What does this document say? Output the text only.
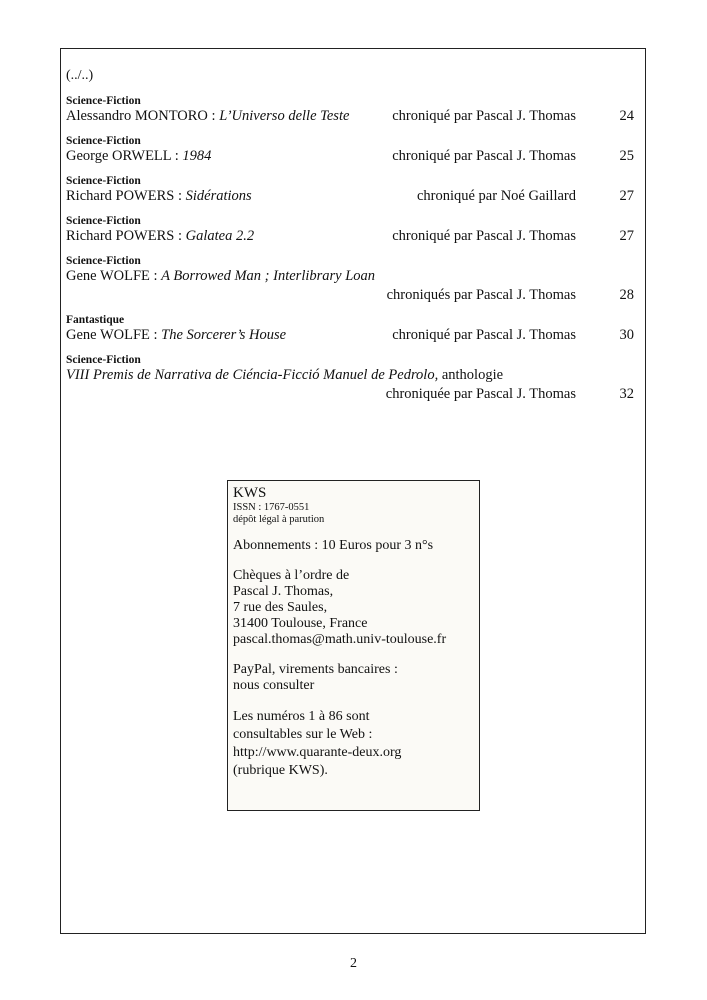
(../..)
Science-Fiction
Alessandro MONTORO : L’Universo delle Teste	chroniqué par Pascal J. Thomas	24
Science-Fiction
George ORWELL : 1984	chroniqué par Pascal J. Thomas	25
Science-Fiction
Richard POWERS : Sidérations	chroniqué par Noé Gaillard	27
Science-Fiction
Richard POWERS : Galatea 2.2	chroniqué par Pascal J. Thomas	27
Science-Fiction
Gene WOLFE : A Borrowed Man ; Interlibrary Loan
chroniqués par Pascal J. Thomas	28
Fantastique
Gene WOLFE : The Sorcerer’s House	chroniqué par Pascal J. Thomas	30
Science-Fiction
VIII Premis de Narrativa de Ciéncia-Ficció Manuel de Pedrolo, anthologie
chroniquée par Pascal J. Thomas	32
KWS
ISSN : 1767-0551
dépôt légal à parution
Abonnements : 10 Euros pour 3 n°s
Chèques à l’ordre de
Pascal J. Thomas,
7 rue des Saules,
31400 Toulouse, France
pascal.thomas@math.univ-toulouse.fr
PayPal, virements bancaires :
nous consulter
Les numéros 1 à 86 sont
consultables sur le Web :
http://www.quarante-deux.org
(rubrique KWS).
2
